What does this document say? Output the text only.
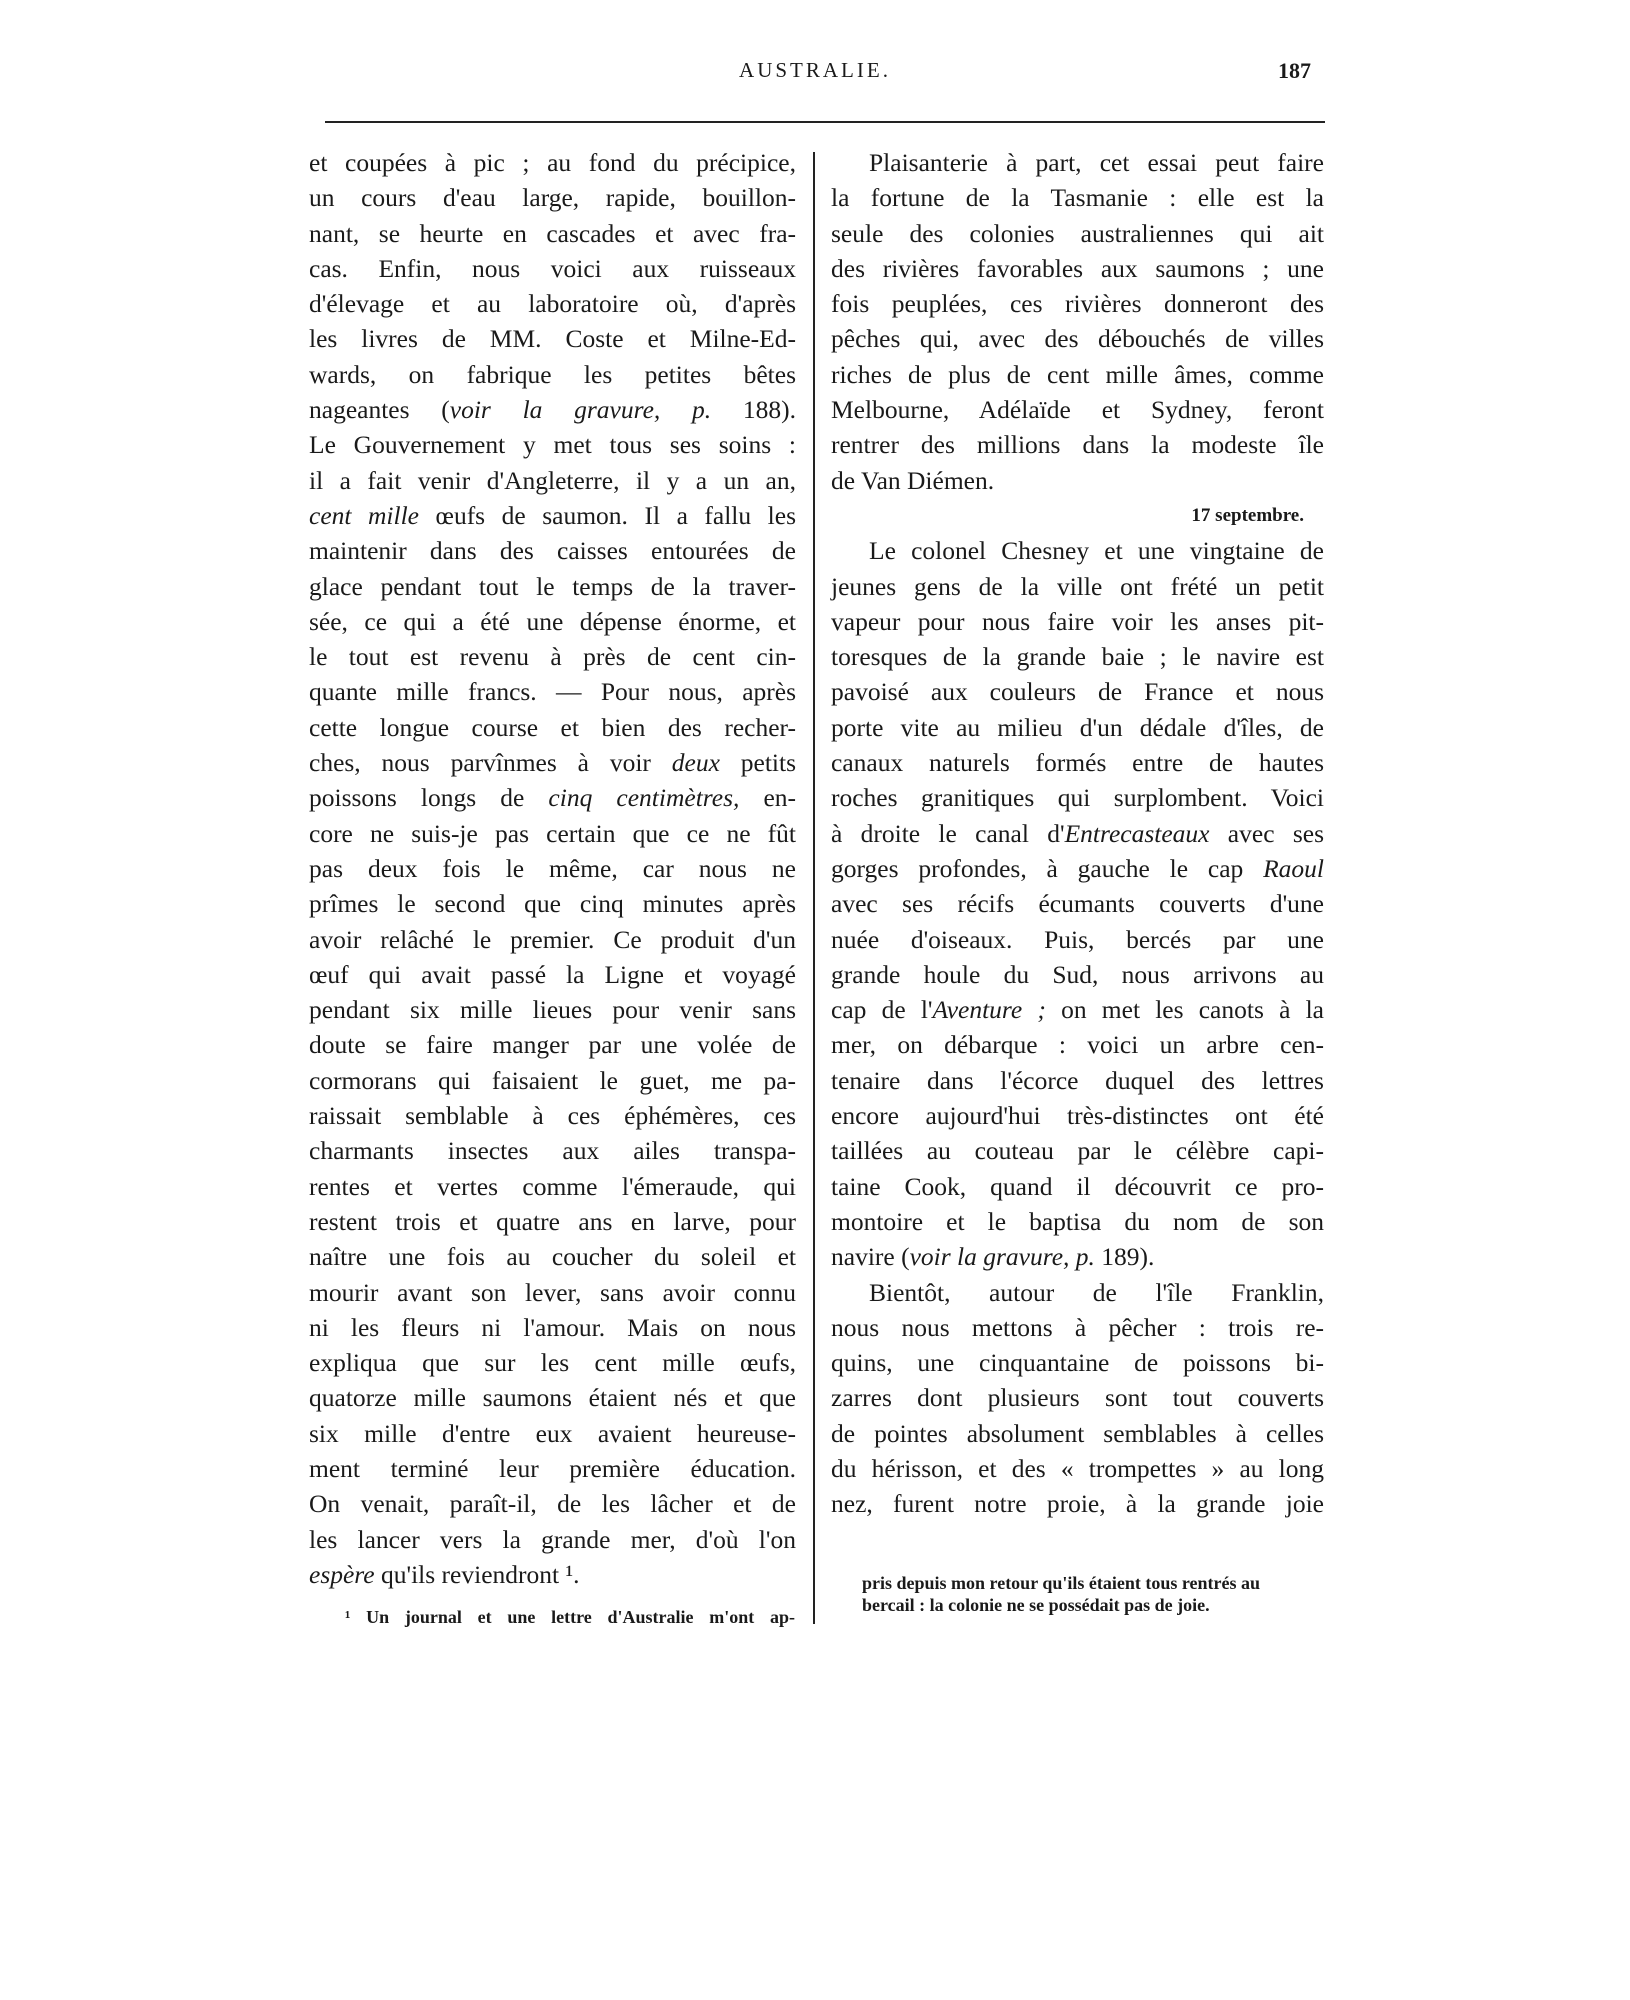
AUSTRALIE.	187
et coupées à pic ; au fond du précipice,
un cours d'eau large, rapide, bouillon-
nant, se heurte en cascades et avec fra-
cas. Enfin, nous voici aux ruisseaux
d'élevage et au laboratoire où, d'après
les livres de MM. Coste et Milne-Ed-
wards, on fabrique les petites bêtes
nageantes (voir la gravure, p. 188).
Le Gouvernement y met tous ses soins :
il a fait venir d'Angleterre, il y a un an,
cent mille œufs de saumon. Il a fallu les
maintenir dans des caisses entourées de
glace pendant tout le temps de la traver-
sée, ce qui a été une dépense énorme, et
le tout est revenu à près de cent cin-
quante mille francs. — Pour nous, après
cette longue course et bien des recher-
ches, nous parvînmes à voir deux petits
poissons longs de cinq centimètres, en-
core ne suis-je pas certain que ce ne fût
pas deux fois le même, car nous ne
prîmes le second que cinq minutes après
avoir relâché le premier. Ce produit d'un
œuf qui avait passé la Ligne et voyagé
pendant six mille lieues pour venir sans
doute se faire manger par une volée de
cormorans qui faisaient le guet, me pa-
raissait semblable à ces éphémères, ces
charmants insectes aux ailes transpa-
rentes et vertes comme l'émeraude, qui
restent trois et quatre ans en larve, pour
naître une fois au coucher du soleil et
mourir avant son lever, sans avoir connu
ni les fleurs ni l'amour. Mais on nous
expliqua que sur les cent mille œufs,
quatorze mille saumons étaient nés et que
six mille d'entre eux avaient heureuse-
ment terminé leur première éducation.
On venait, paraît-il, de les lâcher et de
les lancer vers la grande mer, d'où l'on
espère qu'ils reviendront ¹.
Plaisanterie à part, cet essai peut faire
la fortune de la Tasmanie : elle est la
seule des colonies australiennes qui ait
des rivières favorables aux saumons ; une
fois peuplées, ces rivières donneront des
pêches qui, avec des débouchés de villes
riches de plus de cent mille âmes, comme
Melbourne, Adélaïde et Sydney, feront
rentrer des millions dans la modeste île
de Van Diémen.
17 septembre.
Le colonel Chesney et une vingtaine de
jeunes gens de la ville ont frété un petit
vapeur pour nous faire voir les anses pit-
toresques de la grande baie ; le navire est
pavoisé aux couleurs de France et nous
porte vite au milieu d'un dédale d'îles, de
canaux naturels formés entre de hautes
roches granitiques qui surplombent. Voici
à droite le canal d'Entrecasteaux avec ses
gorges profondes, à gauche le cap Raoul
avec ses récifs écumants couverts d'une
nuée d'oiseaux. Puis, bercés par une
grande houle du Sud, nous arrivons au
cap de l'Aventure ; on met les canots à la
mer, on débarque : voici un arbre cen-
tenaire dans l'écorce duquel des lettres
encore aujourd'hui très-distinctes ont été
taillées au couteau par le célèbre capi-
taine Cook, quand il découvrit ce pro-
montoire et le baptisa du nom de son
navire (voir la gravure, p. 189).
Bientôt, autour de l'île Franklin,
nous nous mettons à pêcher : trois re-
quins, une cinquantaine de poissons bi-
zarres dont plusieurs sont tout couverts
de pointes absolument semblables à celles
du hérisson, et des « trompettes » au long
nez, furent notre proie, à la grande joie
¹ Un journal et une lettre d'Australie m'ont ap-
pris depuis mon retour qu'ils étaient tous rentrés au
bercail : la colonie ne se possédait pas de joie.
